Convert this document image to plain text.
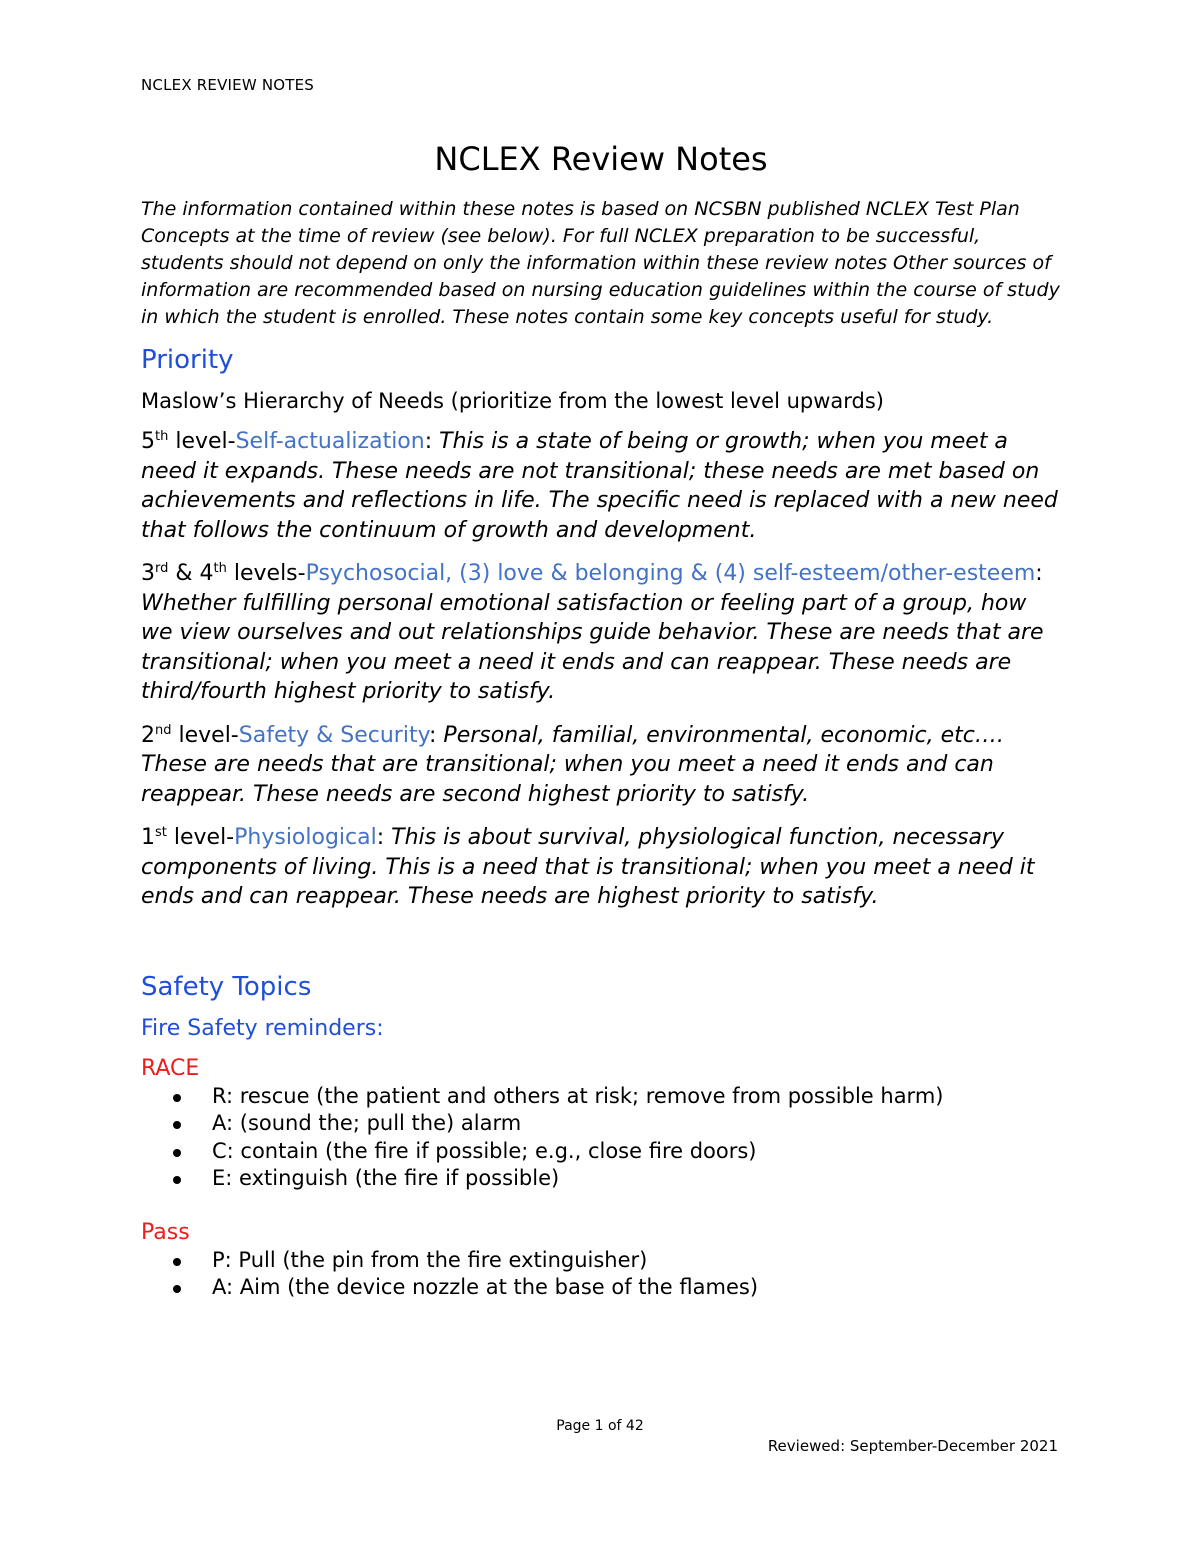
NCLEX REVIEW NOTES
NCLEX Review Notes

The information contained within these notes is based on NCSBN published NCLEX Test Plan Concepts at the time of review (see below). For full NCLEX preparation to be successful, students should not depend on only the information within these review notes Other sources of information are recommended based on nursing education guidelines within the course of study in which the student is enrolled. These notes contain some key concepts useful for study.

Priority

Maslow’s Hierarchy of Needs (prioritize from the lowest level upwards)

5th level-Self-actualization: This is a state of being or growth; when you meet a need it expands. These needs are not transitional; these needs are met based on achievements and reflections in life. The specific need is replaced with a new need that follows the continuum of growth and development.

3rd & 4th levels-Psychosocial, (3) love & belonging & (4) self-esteem/other-esteem: Whether fulfilling personal emotional satisfaction or feeling part of a group, how we view ourselves and out relationships guide behavior. These are needs that are transitional; when you meet a need it ends and can reappear. These needs are third/fourth highest priority to satisfy.

2nd level-Safety & Security: Personal, familial, environmental, economic, etc…. These are needs that are transitional; when you meet a need it ends and can reappear. These needs are second highest priority to satisfy.

1st level-Physiological: This is about survival, physiological function, necessary components of living. This is a need that is transitional; when you meet a need it ends and can reappear. These needs are highest priority to satisfy.

Safety Topics
Fire Safety reminders:

RACE

R: rescue (the patient and others at risk; remove from possible harm)
A: (sound the; pull the) alarm
C: contain (the fire if possible; e.g., close fire doors)
E: extinguish (the fire if possible)

Pass

P: Pull (the pin from the fire extinguisher)
A: Aim (the device nozzle at the base of the flames)
Page 1 of 42
Reviewed: September-December 2021
